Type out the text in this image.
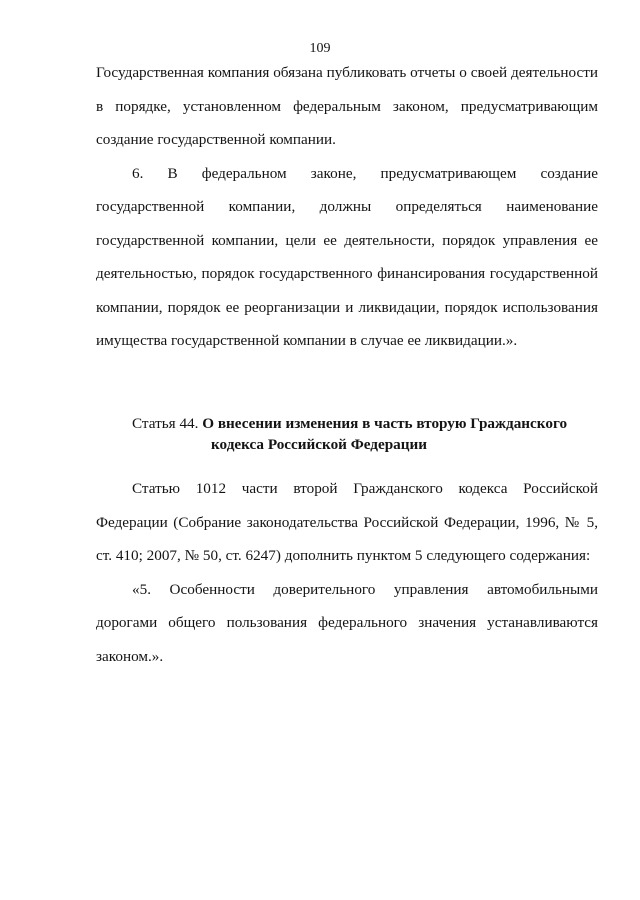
109
Государственная компания обязана публиковать отчеты о своей деятельности
в порядке, установленном федеральным законом, предусматривающим
создание государственной компании.
6. В федеральном законе, предусматривающем создание
государственной компании, должны определяться наименование
государственной компании, цели ее деятельности, порядок управления ее
деятельностью, порядок государственного финансирования государственной
компании, порядок ее реорганизации и ликвидации, порядок использования
имущества государственной компании в случае ее ликвидации.».
Статья 44. О внесении изменения в часть вторую Гражданского
кодекса Российской Федерации
Статью 1012 части второй Гражданского кодекса Российской
Федерации (Собрание законодательства Российской Федерации, 1996, № 5,
ст. 410; 2007, № 50, ст. 6247) дополнить пунктом 5 следующего содержания:
«5. Особенности доверительного управления автомобильными
дорогами общего пользования федерального значения устанавливаются
законом.».
